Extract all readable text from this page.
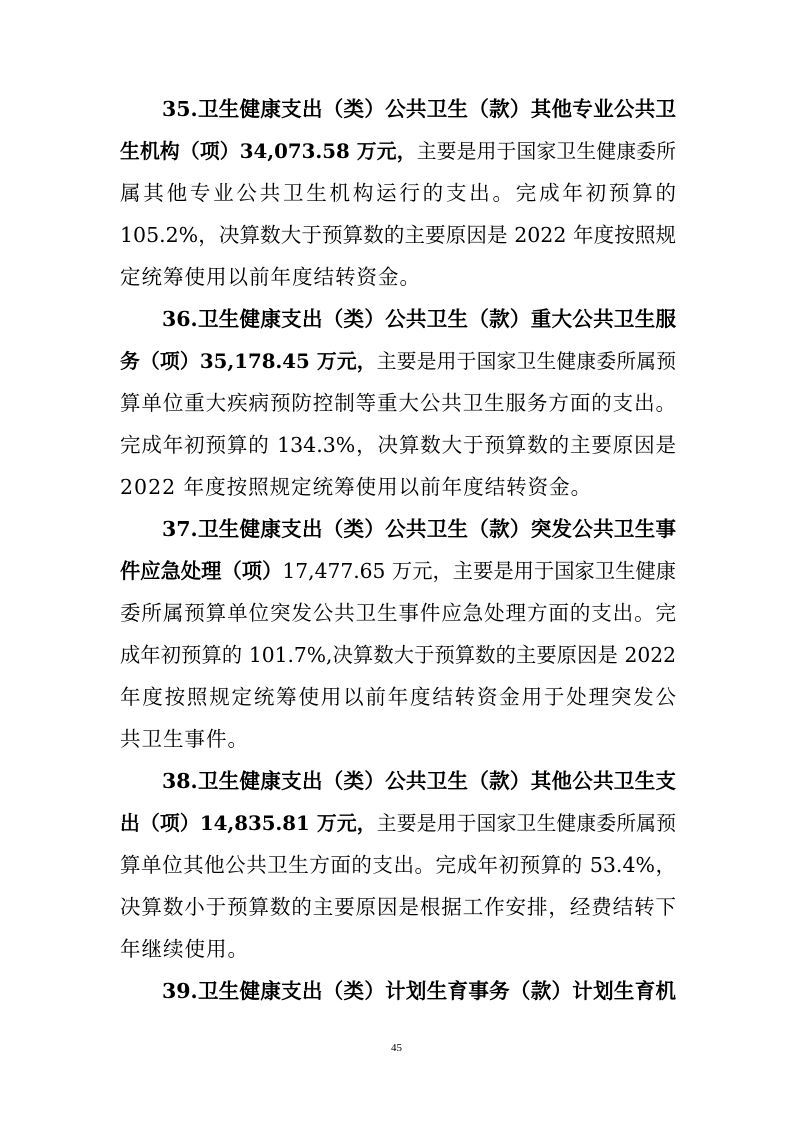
35.卫生健康支出（类）公共卫生（款）其他专业公共卫
生机构（项）34,073.58 万元，主要是用于国家卫生健康委所
属其他专业公共卫生机构运行的支出。完成年初预算的
105.2%，决算数大于预算数的主要原因是 2022 年度按照规
定统筹使用以前年度结转资金。
36.卫生健康支出（类）公共卫生（款）重大公共卫生服
务（项）35,178.45 万元，主要是用于国家卫生健康委所属预
算单位重大疾病预防控制等重大公共卫生服务方面的支出。
完成年初预算的 134.3%，决算数大于预算数的主要原因是
2022 年度按照规定统筹使用以前年度结转资金。
37.卫生健康支出（类）公共卫生（款）突发公共卫生事
件应急处理（项）17,477.65 万元，主要是用于国家卫生健康
委所属预算单位突发公共卫生事件应急处理方面的支出。完
成年初预算的 101.7%,决算数大于预算数的主要原因是 2022
年度按照规定统筹使用以前年度结转资金用于处理突发公
共卫生事件。
38.卫生健康支出（类）公共卫生（款）其他公共卫生支
出（项）14,835.81 万元，主要是用于国家卫生健康委所属预
算单位其他公共卫生方面的支出。完成年初预算的 53.4%，
决算数小于预算数的主要原因是根据工作安排，经费结转下
年继续使用。
39.卫生健康支出（类）计划生育事务（款）计划生育机
45
